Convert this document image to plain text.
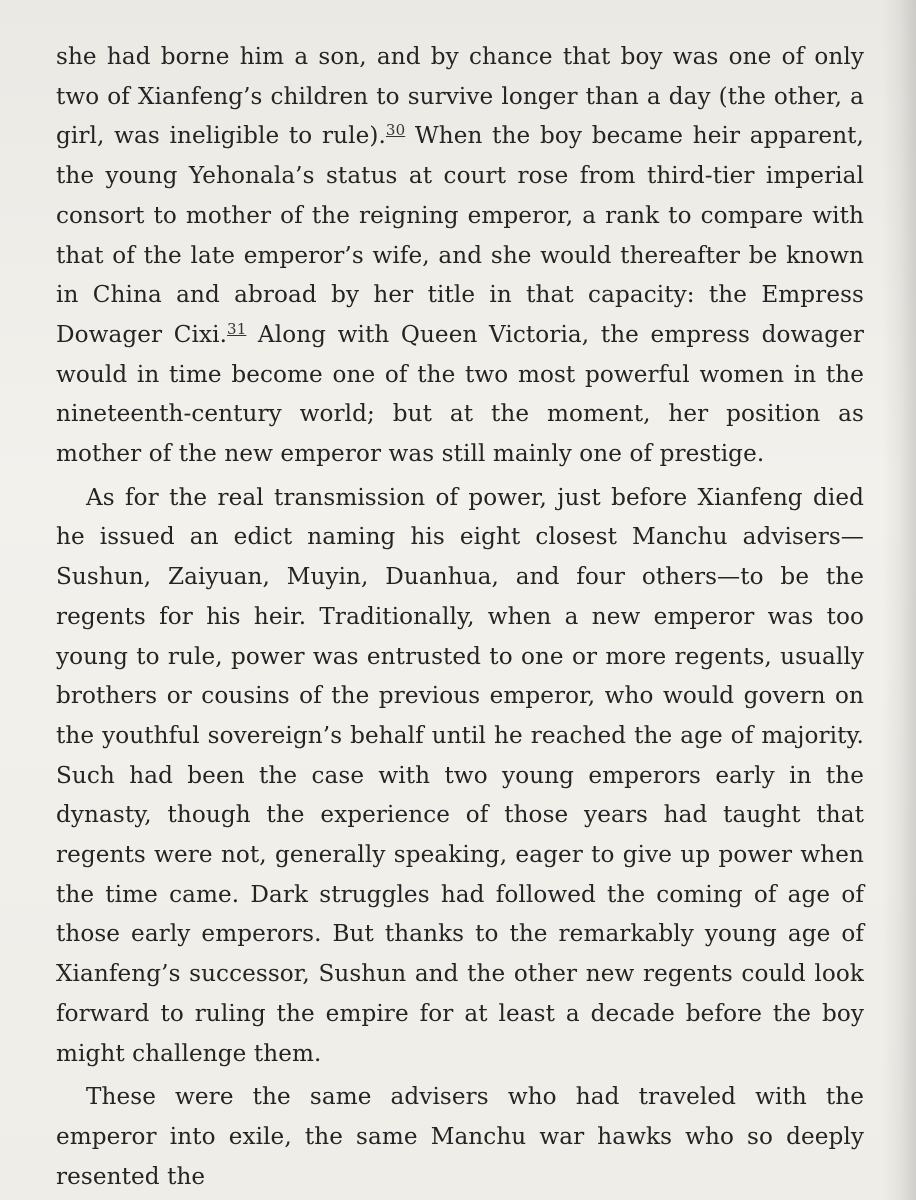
she had borne him a son, and by chance that boy was one of only two of Xianfeng’s children to survive longer than a day (the other, a girl, was ineligible to rule).$^{30}$ When the boy became heir apparent, the young Yehonala’s status at court rose from third-tier imperial consort to mother of the reigning emperor, a rank to compare with that of the late emperor’s wife, and she would thereafter be known in China and abroad by her title in that capacity: the Empress Dowager Cixi.$^{31}$ Along with Queen Victoria, the empress dowager would in time become one of the two most powerful women in the nineteenth-century world; but at the moment, her position as mother of the new emperor was still mainly one of prestige.

As for the real transmission of power, just before Xianfeng died he issued an edict naming his eight closest Manchu advisers—Sushun, Zaiyuan, Muyin, Duanhua, and four others—to be the regents for his heir. Traditionally, when a new emperor was too young to rule, power was entrusted to one or more regents, usually brothers or cousins of the previous emperor, who would govern on the youthful sovereign’s behalf until he reached the age of majority. Such had been the case with two young emperors early in the dynasty, though the experience of those years had taught that regents were not, generally speaking, eager to give up power when the time came. Dark struggles had followed the coming of age of those early emperors. But thanks to the remarkably young age of Xianfeng’s successor, Sushun and the other new regents could look forward to ruling the empire for at least a decade before the boy might challenge them.

These were the same advisers who had traveled with the emperor into exile, the same Manchu war hawks who so deeply resented the
